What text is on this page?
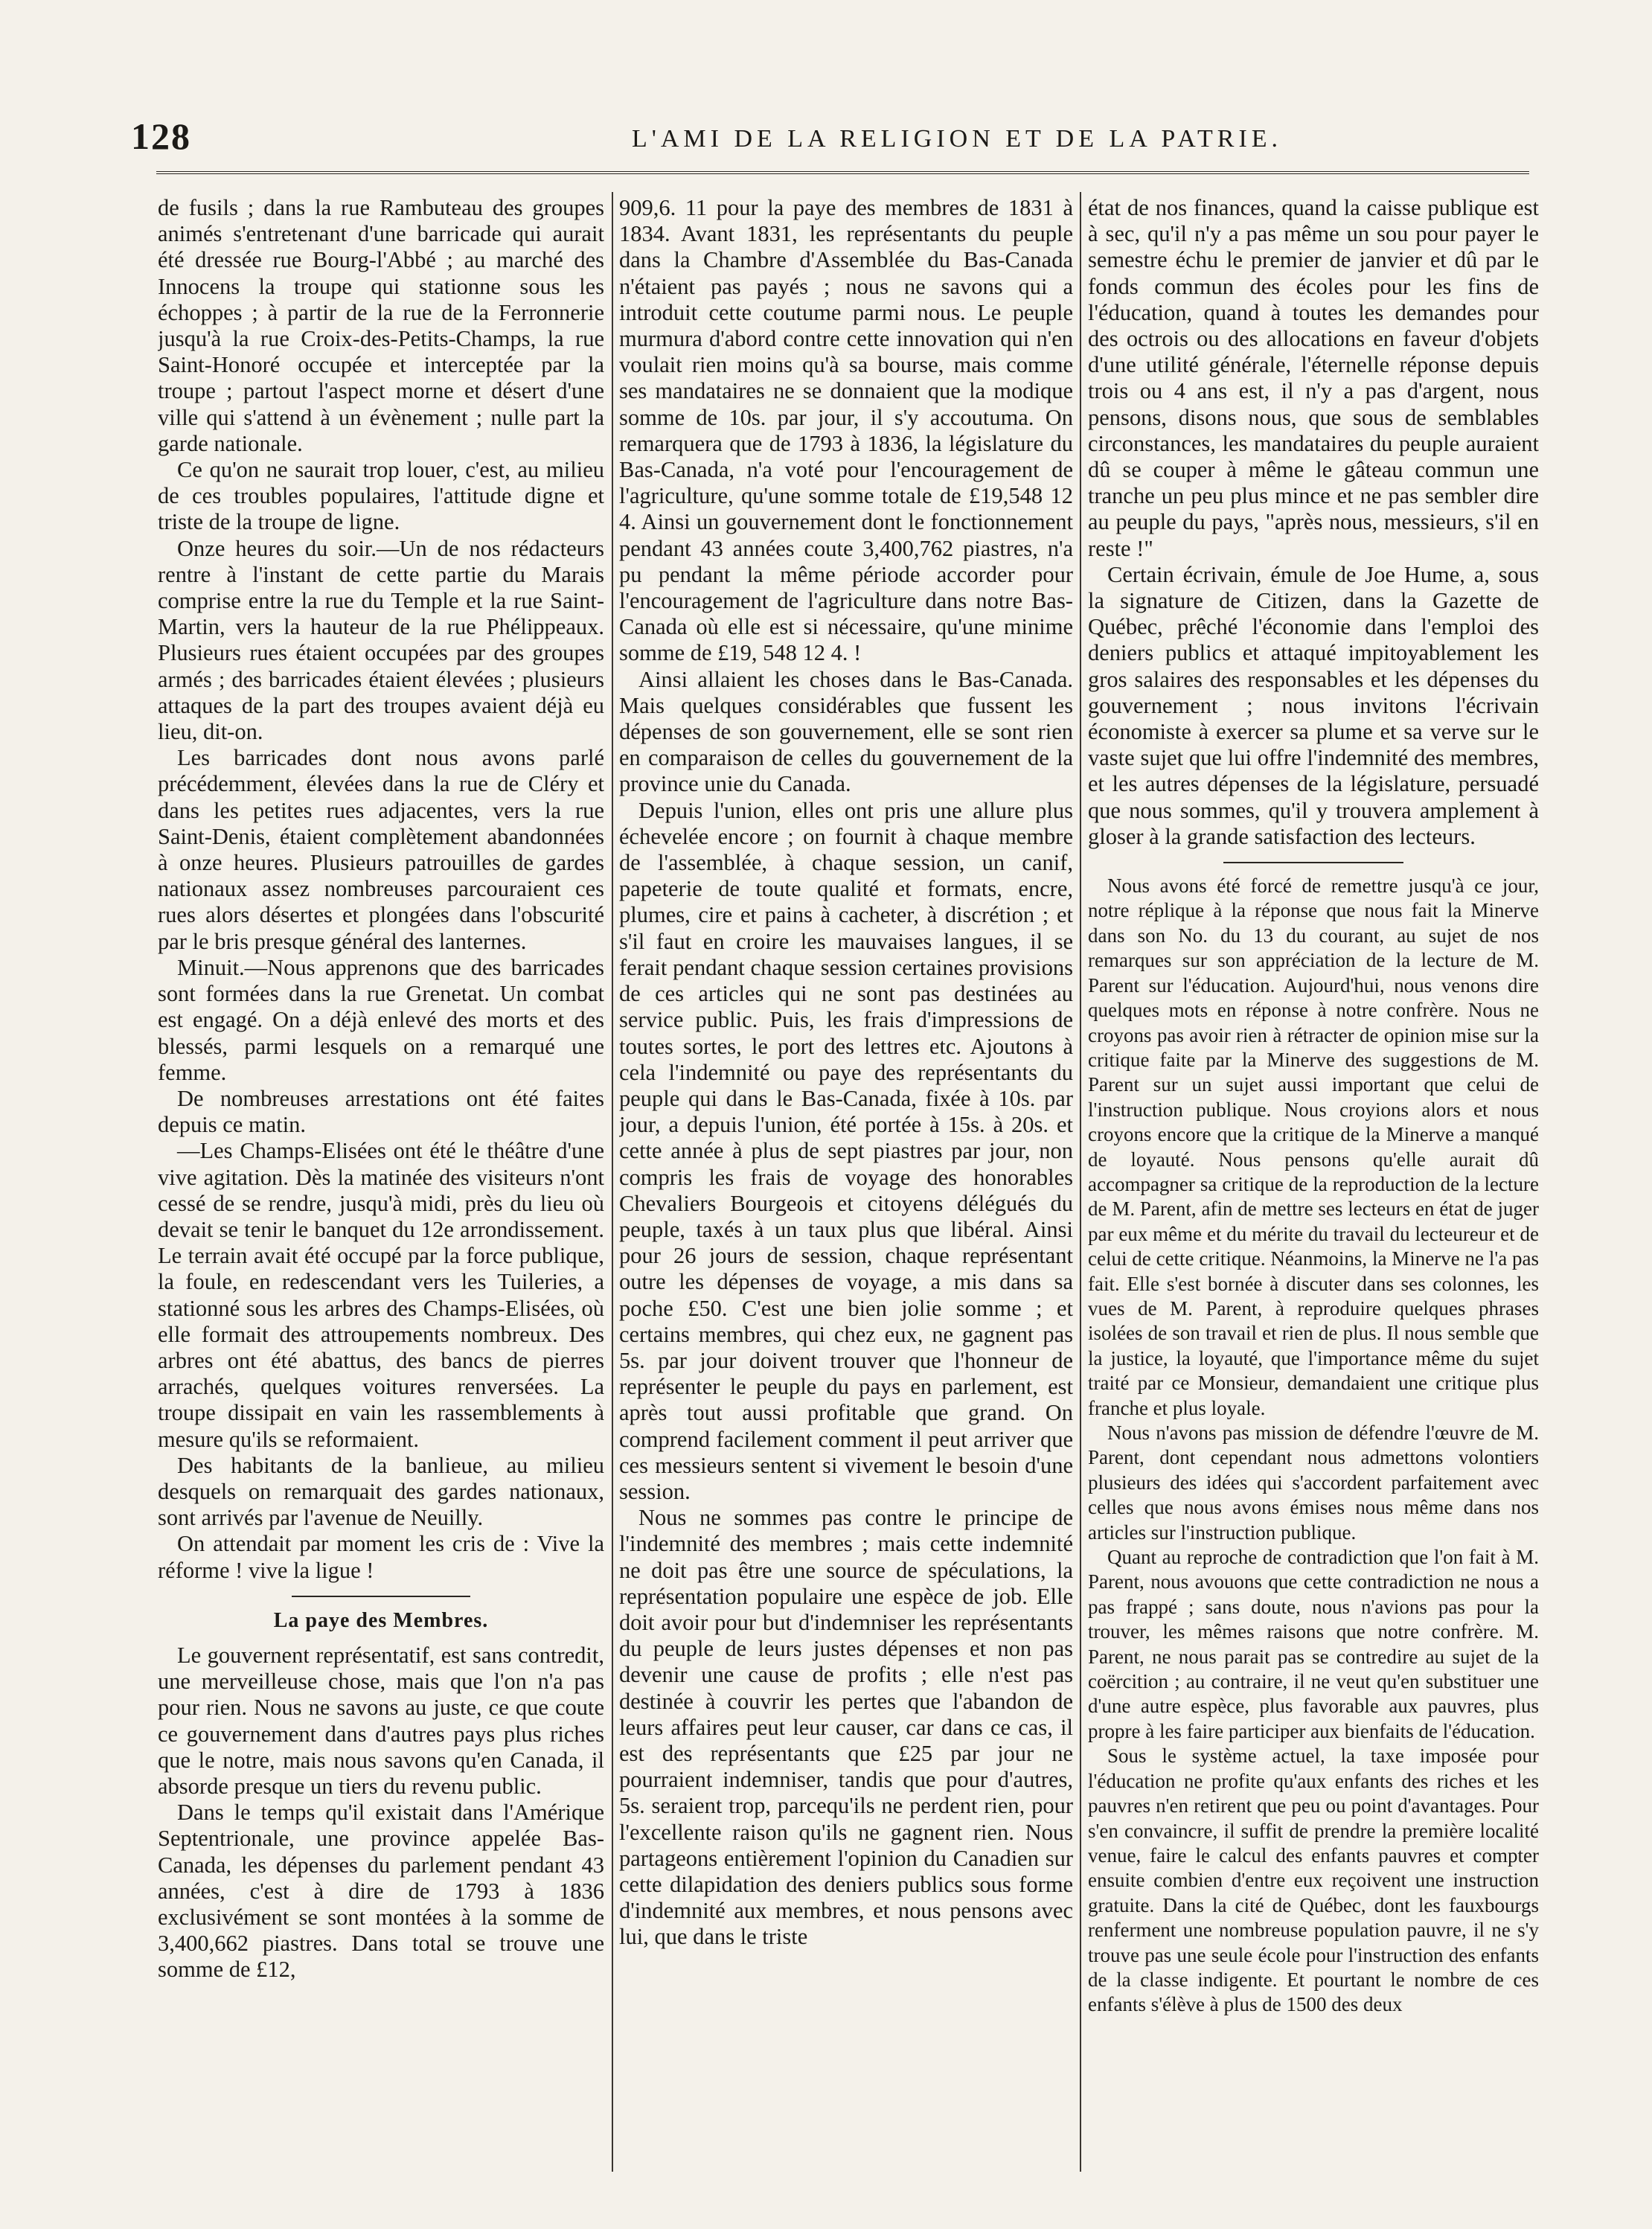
128	L'AMI DE LA RELIGION ET DE LA PATRIE.

de fusils ; dans la rue Rambuteau des groupes animés s'entretenant d'une barricade qui aurait été dressée rue Bourg-l'Abbé ; au marché des Innocens la troupe qui stationne sous les échoppes ; à partir de la rue de la Ferronnerie jusqu'à la rue Croix-des-Petits-Champs, la rue Saint-Honoré occupée et interceptée par la troupe ; partout l'aspect morne et désert d'une ville qui s'attend à un évènement ; nulle part la garde nationale.

Ce qu'on ne saurait trop louer, c'est, au milieu de ces troubles populaires, l'attitude digne et triste de la troupe de ligne.

Onze heures du soir.—Un de nos rédacteurs rentre à l'instant de cette partie du Marais comprise entre la rue du Temple et la rue Saint-Martin, vers la hauteur de la rue Phélippeaux. Plusieurs rues étaient occupées par des groupes armés ; des barricades étaient élevées ; plusieurs attaques de la part des troupes avaient déjà eu lieu, dit-on.

Les barricades dont nous avons parlé précédemment, élevées dans la rue de Cléry et dans les petites rues adjacentes, vers la rue Saint-Denis, étaient complètement abandonnées à onze heures. Plusieurs patrouilles de gardes nationaux assez nombreuses parcouraient ces rues alors désertes et plongées dans l'obscurité par le bris presque général des lanternes.

Minuit.—Nous apprenons que des barricades sont formées dans la rue Grenetat. Un combat est engagé. On a déjà enlevé des morts et des blessés, parmi lesquels on a remarqué une femme.

De nombreuses arrestations ont été faites depuis ce matin.

—Les Champs-Elisées ont été le théâtre d'une vive agitation. Dès la matinée des visiteurs n'ont cessé de se rendre, jusqu'à midi, près du lieu où devait se tenir le banquet du 12e arrondissement. Le terrain avait été occupé par la force publique, la foule, en redescendant vers les Tuileries, a stationné sous les arbres des Champs-Elisées, où elle formait des attroupements nombreux. Des arbres ont été abattus, des bancs de pierres arrachés, quelques voitures renversées. La troupe dissipait en vain les rassemblements à mesure qu'ils se reformaient.

Des habitants de la banlieue, au milieu desquels on remarquait des gardes nationaux, sont arrivés par l'avenue de Neuilly.

On attendait par moment les cris de : Vive la réforme ! vive la ligue !

La paye des Membres.

Le gouvernent représentatif, est sans contredit, une merveilleuse chose, mais que l'on n'a pas pour rien. Nous ne savons au juste, ce que coute ce gouvernement dans d'autres pays plus riches que le notre, mais nous savons qu'en Canada, il absorde presque un tiers du revenu public.

Dans le temps qu'il existait dans l'Amérique Septentrionale, une province appelée Bas-Canada, les dépenses du parlement pendant 43 années, c'est à dire de 1793 à 1836 exclusivément se sont montées à la somme de 3,400,662 piastres. Dans total se trouve une somme de £12,

909,6. 11 pour la paye des membres de 1831 à 1834. Avant 1831, les représentants du peuple dans la Chambre d'Assemblée du Bas-Canada n'étaient pas payés ; nous ne savons qui a introduit cette coutume parmi nous. Le peuple murmura d'abord contre cette innovation qui n'en voulait rien moins qu'à sa bourse, mais comme ses mandataires ne se donnaient que la modique somme de 10s. par jour, il s'y accoutuma. On remarquera que de 1793 à 1836, la législature du Bas-Canada, n'a voté pour l'encouragement de l'agriculture, qu'une somme totale de £19,548 12 4. Ainsi un gouvernement dont le fonctionnement pendant 43 années coute 3,400,762 piastres, n'a pu pendant la même période accorder pour l'encouragement de l'agriculture dans notre Bas-Canada où elle est si nécessaire, qu'une minime somme de £19, 548 12 4. !

Ainsi allaient les choses dans le Bas-Canada. Mais quelques considérables que fussent les dépenses de son gouvernement, elle se sont rien en comparaison de celles du gouvernement de la province unie du Canada.

Depuis l'union, elles ont pris une allure plus échevelée encore ; on fournit à chaque membre de l'assemblée, à chaque session, un canif, papeterie de toute qualité et formats, encre, plumes, cire et pains à cacheter, à discrétion ; et s'il faut en croire les mauvaises langues, il se ferait pendant chaque session certaines provisions de ces articles qui ne sont pas destinées au service public. Puis, les frais d'impressions de toutes sortes, le port des lettres etc. Ajoutons à cela l'indemnité ou paye des représentants du peuple qui dans le Bas-Canada, fixée à 10s. par jour, a depuis l'union, été portée à 15s. à 20s. et cette année à plus de sept piastres par jour, non compris les frais de voyage des honorables Chevaliers Bourgeois et citoyens délégués du peuple, taxés à un taux plus que libéral. Ainsi pour 26 jours de session, chaque représentant outre les dépenses de voyage, a mis dans sa poche £50. C'est une bien jolie somme ; et certains membres, qui chez eux, ne gagnent pas 5s. par jour doivent trouver que l'honneur de représenter le peuple du pays en parlement, est après tout aussi profitable que grand. On comprend facilement comment il peut arriver que ces messieurs sentent si vivement le besoin d'une session.

Nous ne sommes pas contre le principe de l'indemnité des membres ; mais cette indemnité ne doit pas être une source de spéculations, la représentation populaire une espèce de job. Elle doit avoir pour but d'indemniser les représentants du peuple de leurs justes dépenses et non pas devenir une cause de profits ; elle n'est pas destinée à couvrir les pertes que l'abandon de leurs affaires peut leur causer, car dans ce cas, il est des représentants que £25 par jour ne pourraient indemniser, tandis que pour d'autres, 5s. seraient trop, parcequ'ils ne perdent rien, pour l'excellente raison qu'ils ne gagnent rien. Nous partageons entièrement l'opinion du Canadien sur cette dilapidation des deniers publics sous forme d'indemnité aux membres, et nous pensons avec lui, que dans le triste

état de nos finances, quand la caisse publique est à sec, qu'il n'y a pas même un sou pour payer le semestre échu le premier de janvier et dû par le fonds commun des écoles pour les fins de l'éducation, quand à toutes les demandes pour des octrois ou des allocations en faveur d'objets d'une utilité générale, l'éternelle réponse depuis trois ou 4 ans est, il n'y a pas d'argent, nous pensons, disons nous, que sous de semblables circonstances, les mandataires du peuple auraient dû se couper à même le gâteau commun une tranche un peu plus mince et ne pas sembler dire au peuple du pays, "après nous, messieurs, s'il en reste !"

Certain écrivain, émule de Joe Hume, a, sous la signature de Citizen, dans la Gazette de Québec, prêché l'économie dans l'emploi des deniers publics et attaqué impitoyablement les gros salaires des responsables et les dépenses du gouvernement ; nous invitons l'écrivain économiste à exercer sa plume et sa verve sur le vaste sujet que lui offre l'indemnité des membres, et les autres dépenses de la législature, persuadé que nous sommes, qu'il y trouvera amplement à gloser à la grande satisfaction des lecteurs.

Nous avons été forcé de remettre jusqu'à ce jour, notre réplique à la réponse que nous fait la Minerve dans son No. du 13 du courant, au sujet de nos remarques sur son appréciation de la lecture de M. Parent sur l'éducation. Aujourd'hui, nous venons dire quelques mots en réponse à notre confrère. Nous ne croyons pas avoir rien à rétracter de opinion mise sur la critique faite par la Minerve des suggestions de M. Parent sur un sujet aussi important que celui de l'instruction publique. Nous croyions alors et nous croyons encore que la critique de la Minerve a manqué de loyauté. Nous pensons qu'elle aurait dû accompagner sa critique de la reproduction de la lecture de M. Parent, afin de mettre ses lecteurs en état de juger par eux même et du mérite du travail du lecteureur et de celui de cette critique. Néanmoins, la Minerve ne l'a pas fait. Elle s'est bornée à discuter dans ses colonnes, les vues de M. Parent, à reproduire quelques phrases isolées de son travail et rien de plus. Il nous semble que la justice, la loyauté, que l'importance même du sujet traité par ce Monsieur, demandaient une critique plus franche et plus loyale.

Nous n'avons pas mission de défendre l'œuvre de M. Parent, dont cependant nous admettons volontiers plusieurs des idées qui s'accordent parfaitement avec celles que nous avons émises nous même dans nos articles sur l'instruction publique.

Quant au reproche de contradiction que l'on fait à M. Parent, nous avouons que cette contradiction ne nous a pas frappé ; sans doute, nous n'avions pas pour la trouver, les mêmes raisons que notre confrère. M. Parent, ne nous parait pas se contredire au sujet de la coërcition ; au contraire, il ne veut qu'en substituer une d'une autre espèce, plus favorable aux pauvres, plus propre à les faire participer aux bienfaits de l'éducation.

Sous le système actuel, la taxe imposée pour l'éducation ne profite qu'aux enfants des riches et les pauvres n'en retirent que peu ou point d'avantages. Pour s'en convaincre, il suffit de prendre la première localité venue, faire le calcul des enfants pauvres et compter ensuite combien d'entre eux reçoivent une instruction gratuite. Dans la cité de Québec, dont les fauxbourgs renferment une nombreuse population pauvre, il ne s'y trouve pas une seule école pour l'instruction des enfants de la classe indigente. Et pourtant le nombre de ces enfants s'élève à plus de 1500 des deux
